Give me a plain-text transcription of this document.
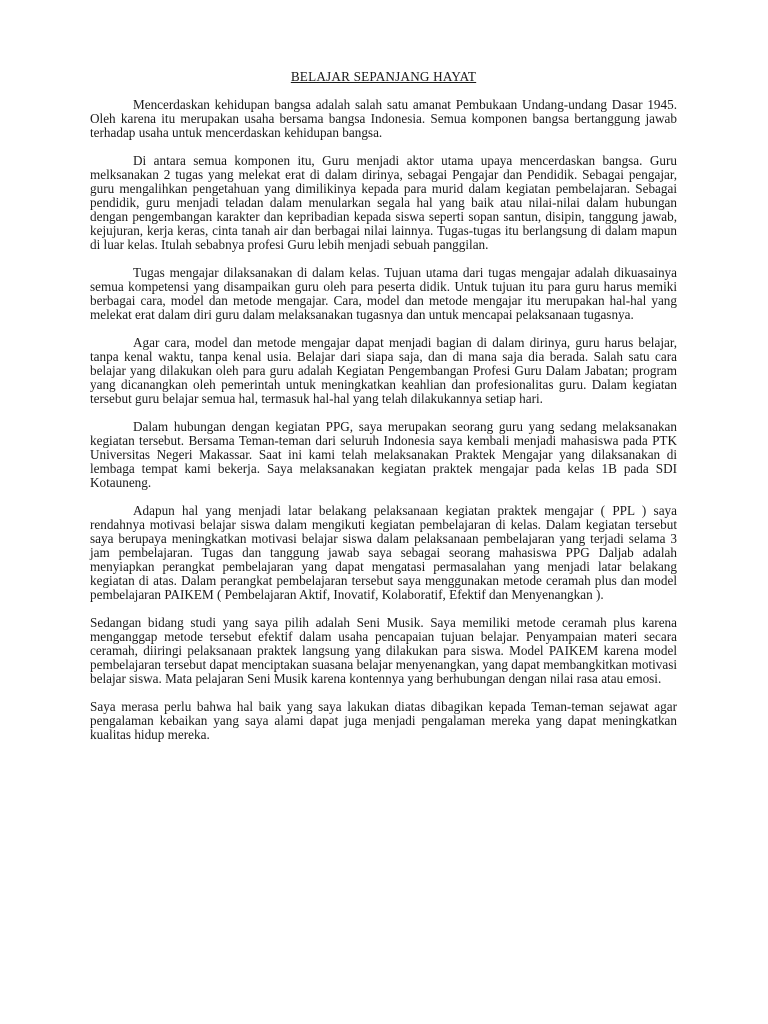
BELAJAR SEPANJANG HAYAT

Mencerdaskan kehidupan bangsa adalah salah satu amanat Pembukaan Undang-undang Dasar 1945. Oleh karena itu merupakan usaha bersama bangsa Indonesia. Semua komponen bangsa bertanggung jawab terhadap usaha untuk mencerdaskan kehidupan bangsa.

Di antara semua komponen itu, Guru menjadi aktor utama upaya mencerdaskan bangsa. Guru melksanakan 2 tugas yang melekat erat di dalam dirinya, sebagai Pengajar dan Pendidik. Sebagai pengajar, guru mengalihkan pengetahuan yang dimilikinya kepada para murid dalam kegiatan pembelajaran. Sebagai pendidik, guru menjadi teladan dalam menularkan segala hal yang baik atau nilai-nilai dalam hubungan dengan pengembangan karakter dan kepribadian kepada siswa seperti sopan santun, disipin, tanggung jawab, kejujuran, kerja keras, cinta tanah air dan berbagai nilai lainnya. Tugas-tugas itu berlangsung di dalam mapun di luar kelas. Itulah sebabnya profesi Guru lebih menjadi sebuah panggilan.

Tugas mengajar dilaksanakan di dalam kelas. Tujuan utama dari tugas mengajar adalah dikuasainya semua kompetensi yang disampaikan guru oleh para peserta didik. Untuk tujuan itu para guru harus memiki berbagai cara, model dan metode mengajar. Cara, model dan metode mengajar itu merupakan hal-hal yang melekat erat dalam diri guru dalam melaksanakan tugasnya dan untuk mencapai pelaksanaan tugasnya.

Agar cara, model dan metode mengajar dapat menjadi bagian di dalam dirinya, guru harus belajar, tanpa kenal waktu, tanpa kenal usia. Belajar dari siapa saja, dan di mana saja dia berada. Salah satu cara belajar yang dilakukan oleh para guru adalah Kegiatan Pengembangan Profesi Guru Dalam Jabatan; program yang dicanangkan oleh pemerintah untuk meningkatkan keahlian dan profesionalitas guru. Dalam kegiatan tersebut guru belajar semua hal, termasuk hal-hal yang telah dilakukannya setiap hari.

Dalam hubungan dengan kegiatan PPG, saya merupakan seorang guru yang sedang melaksanakan kegiatan tersebut. Bersama Teman-teman dari seluruh Indonesia saya kembali menjadi mahasiswa pada PTK Universitas Negeri Makassar. Saat ini kami telah melaksanakan Praktek Mengajar yang dilaksanakan di lembaga tempat kami bekerja. Saya melaksanakan kegiatan praktek mengajar pada kelas 1B pada SDI Kotauneng.

Adapun hal yang menjadi latar belakang pelaksanaan kegiatan praktek mengajar ( PPL ) saya rendahnya motivasi belajar siswa dalam mengikuti kegiatan pembelajaran di kelas. Dalam kegiatan tersebut saya berupaya meningkatkan motivasi belajar siswa dalam pelaksanaan pembelajaran yang terjadi selama 3 jam pembelajaran. Tugas dan tanggung jawab saya sebagai seorang mahasiswa PPG Daljab adalah menyiapkan perangkat pembelajaran yang dapat mengatasi permasalahan yang menjadi latar belakang kegiatan di atas. Dalam perangkat pembelajaran tersebut saya menggunakan metode ceramah plus dan model pembelajaran PAIKEM ( Pembelajaran Aktif, Inovatif, Kolaboratif, Efektif dan Menyenangkan ).

Sedangan bidang studi yang saya pilih adalah Seni Musik. Saya memiliki metode ceramah plus karena menganggap metode tersebut efektif dalam usaha pencapaian tujuan belajar. Penyampaian materi secara ceramah, diiringi pelaksanaan praktek langsung yang dilakukan para siswa. Model PAIKEM karena model pembelajaran tersebut dapat menciptakan suasana belajar menyenangkan, yang dapat membangkitkan motivasi belajar siswa. Mata pelajaran Seni Musik karena kontennya yang berhubungan dengan nilai rasa atau emosi.

Saya merasa perlu bahwa hal baik yang saya lakukan diatas dibagikan kepada Teman-teman sejawat agar pengalaman kebaikan yang saya alami dapat juga menjadi pengalaman mereka yang dapat meningkatkan kualitas hidup mereka.
